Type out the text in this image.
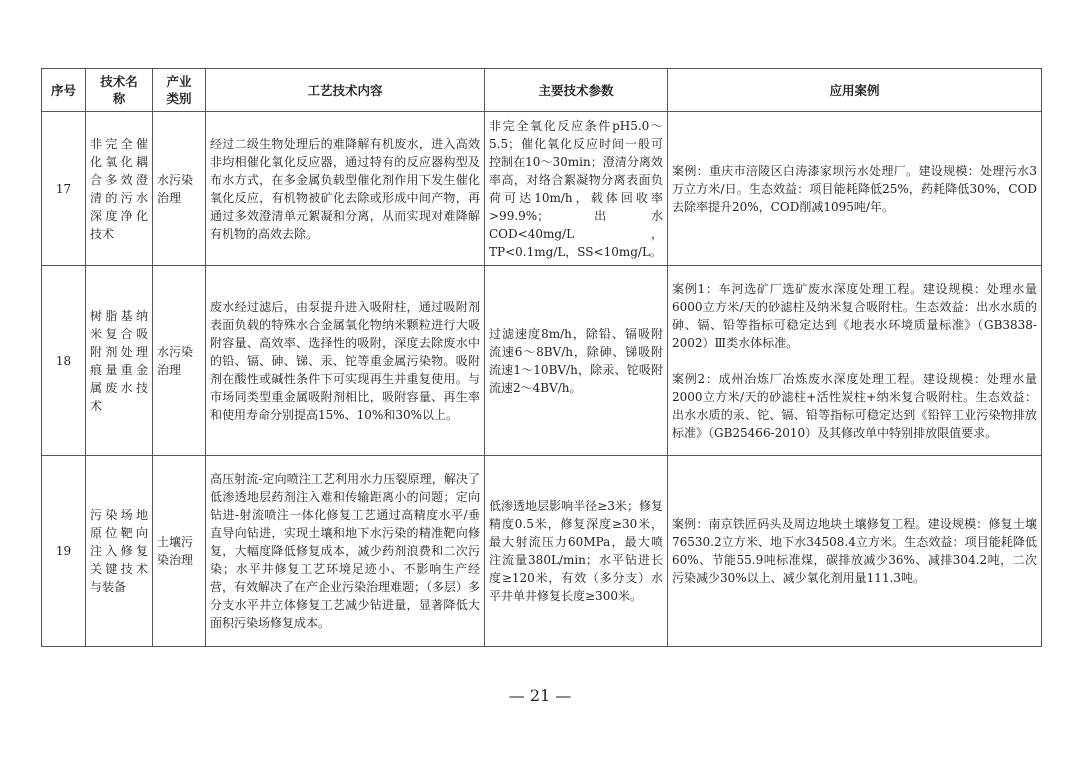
序号	技术名称	产业类别	工艺技术内容	主要技术参数	应用案例
17	非完全催化氧化耦合多效澄清的污水深度净化技术	水污染治理	经过二级生物处理后的难降解有机废水，进入高效非均相催化氧化反应器，通过特有的反应器构型及布水方式，在多金属负载型催化剂作用下发生催化氧化反应，有机物被矿化去除或形成中间产物，再通过多效澄清单元絮凝和分离，从而实现对难降解有机物的高效去除。	非完全氧化反应条件pH5.0～5.5；催化氧化反应时间一般可控制在10～30min；澄清分离效率高，对络合絮凝物分离表面负荷可达10m/h，载体回收率>99.9%；出水COD<40mg/L，TP<0.1mg/L，SS<10mg/L。	案例：重庆市涪陵区白涛漆家坝污水处理厂。建设规模：处理污水3万立方米/日。生态效益：项目能耗降低25%，药耗降低30%，COD去除率提升20%，COD削减1095吨/年。

18	树脂基纳米复合吸附剂处理痕量重金属废水技术	水污染治理	废水经过滤后，由泵提升进入吸附柱，通过吸附剂表面负载的特殊水合金属氧化物纳米颗粒进行大吸附容量、高效率、选择性的吸附，深度去除废水中的铅、镉、砷、锑、汞、铊等重金属污染物。吸附剂在酸性或碱性条件下可实现再生并重复使用。与市场同类型重金属吸附剂相比，吸附容量、再生率和使用寿命分别提高15%、10%和30%以上。	过滤速度8m/h，除铅、镉吸附流速6～8BV/h，除砷、锑吸附流速1～10BV/h，除汞、铊吸附流速2～4BV/h。	案例1：车河选矿厂选矿废水深度处理工程。建设规模：处理水量6000立方米/天的砂滤柱及纳米复合吸附柱。生态效益：出水水质的砷、镉、铅等指标可稳定达到《地表水环境质量标准》（GB3838-2002）Ⅲ类水体标准。

案例2：成州冶炼厂冶炼废水深度处理工程。建设规模：处理水量2000立方米/天的砂滤柱+活性炭柱+纳米复合吸附柱。生态效益：出水水质的汞、铊、镉、铅等指标可稳定达到《铅锌工业污染物排放标准》（GB25466-2010）及其修改单中特别排放限值要求。

19	污染场地原位靶向注入修复关键技术与装备	土壤污染治理	高压射流-定向喷注工艺利用水力压裂原理，解决了低渗透地层药剂注入难和传输距离小的问题；定向钻进-射流喷注一体化修复工艺通过高精度水平/垂直导向钻进，实现土壤和地下水污染的精准靶向修复，大幅度降低修复成本，减少药剂浪费和二次污染；水平井修复工艺环境足迹小、不影响生产经营，有效解决了在产企业污染治理难题；（多层）多分支水平井立体修复工艺减少钻进量，显著降低大面积污染场修复成本。	低渗透地层影响半径≥3米；修复精度0.5米，修复深度≥30米，最大射流压力60MPa，最大喷注流量380L/min；水平钻进长度≥120米，有效（多分支）水平井单井修复长度≥300米。	案例：南京铁匠码头及周边地块土壤修复工程。建设规模：修复土壤76530.2立方米、地下水34508.4立方米。生态效益：项目能耗降低60%、节能55.9吨标准煤，碳排放减少36%、减排304.2吨，二次污染减少30%以上、减少氧化剂用量111.3吨。

— 21 —
